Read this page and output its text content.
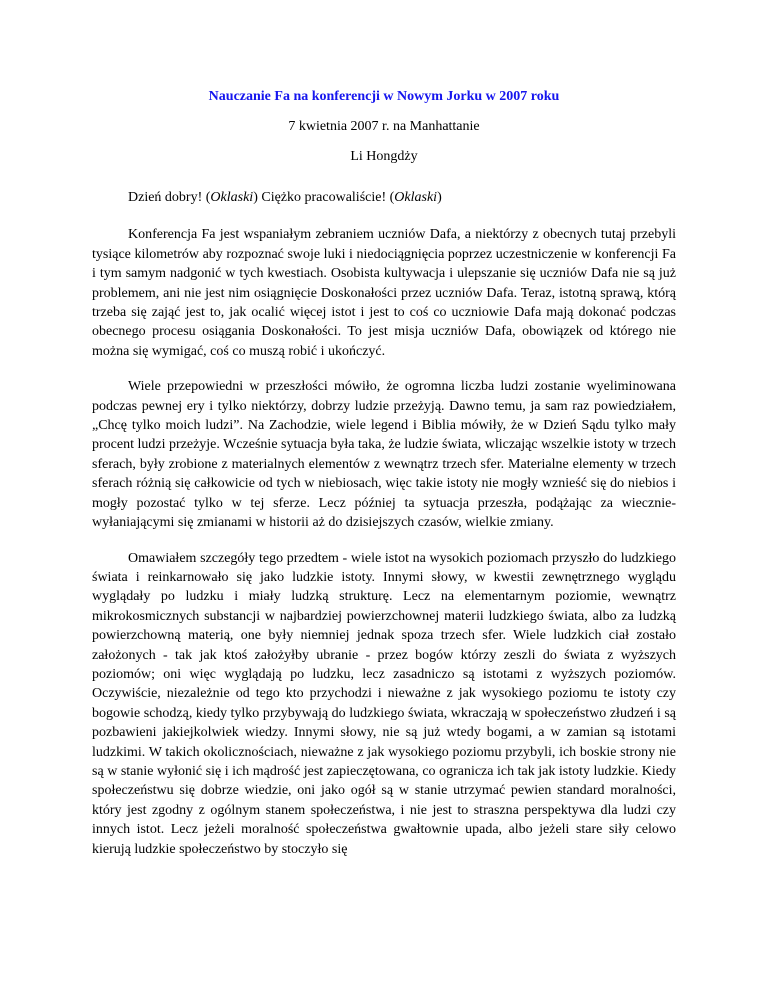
Nauczanie Fa na konferencji w Nowym Jorku w 2007 roku
7 kwietnia 2007 r. na Manhattanie
Li Hongdży

Dzień dobry! (Oklaski) Ciężko pracowaliście! (Oklaski)

Konferencja Fa jest wspaniałym zebraniem uczniów Dafa, a niektórzy z obecnych tutaj przebyli tysiące kilometrów aby rozpoznać swoje luki i niedociągnięcia poprzez uczestniczenie w konferencji Fa i tym samym nadgonić w tych kwestiach. Osobista kultywacja i ulepszanie się uczniów Dafa nie są już problemem, ani nie jest nim osiągnięcie Doskonałości przez uczniów Dafa. Teraz, istotną sprawą, którą trzeba się zająć jest to, jak ocalić więcej istot i jest to coś co uczniowie Dafa mają dokonać podczas obecnego procesu osiągania Doskonałości. To jest misja uczniów Dafa, obowiązek od którego nie można się wymigać, coś co muszą robić i ukończyć.

Wiele przepowiedni w przeszłości mówiło, że ogromna liczba ludzi zostanie wyeliminowana podczas pewnej ery i tylko niektórzy, dobrzy ludzie przeżyją. Dawno temu, ja sam raz powiedziałem, „Chcę tylko moich ludzi”. Na Zachodzie, wiele legend i Biblia mówiły, że w Dzień Sądu tylko mały procent ludzi przeżyje. Wcześnie sytuacja była taka, że ludzie świata, wliczając wszelkie istoty w trzech sferach, były zrobione z materialnych elementów z wewnątrz trzech sfer. Materialne elementy w trzech sferach różnią się całkowicie od tych w niebiosach, więc takie istoty nie mogły wznieść się do niebios i mogły pozostać tylko w tej sferze. Lecz później ta sytuacja przeszła, podążając za wiecznie-wyłaniającymi się zmianami w historii aż do dzisiejszych czasów, wielkie zmiany.

Omawiałem szczegóły tego przedtem - wiele istot na wysokich poziomach przyszło do ludzkiego świata i reinkarnowało się jako ludzkie istoty. Innymi słowy, w kwestii zewnętrznego wyglądu wyglądały po ludzku i miały ludzką strukturę. Lecz na elementarnym poziomie, wewnątrz mikrokosmicznych substancji w najbardziej powierzchownej materii ludzkiego świata, albo za ludzką powierzchowną materią, one były niemniej jednak spoza trzech sfer. Wiele ludzkich ciał zostało założonych - tak jak ktoś założyłby ubranie - przez bogów którzy zeszli do świata z wyższych poziomów; oni więc wyglądają po ludzku, lecz zasadniczo są istotami z wyższych poziomów. Oczywiście, niezależnie od tego kto przychodzi i nieważne z jak wysokiego poziomu te istoty czy bogowie schodzą, kiedy tylko przybywają do ludzkiego świata, wkraczają w społeczeństwo złudzeń i są pozbawieni jakiejkolwiek wiedzy. Innymi słowy, nie są już wtedy bogami, a w zamian są istotami ludzkimi. W takich okolicznościach, nieważne z jak wysokiego poziomu przybyli, ich boskie strony nie są w stanie wyłonić się i ich mądrość jest zapieczętowana, co ogranicza ich tak jak istoty ludzkie. Kiedy społeczeństwu się dobrze wiedzie, oni jako ogół są w stanie utrzymać pewien standard moralności, który jest zgodny z ogólnym stanem społeczeństwa, i nie jest to straszna perspektywa dla ludzi czy innych istot. Lecz jeżeli moralność społeczeństwa gwałtownie upada, albo jeżeli stare siły celowo kierują ludzkie społeczeństwo by stoczyło się
